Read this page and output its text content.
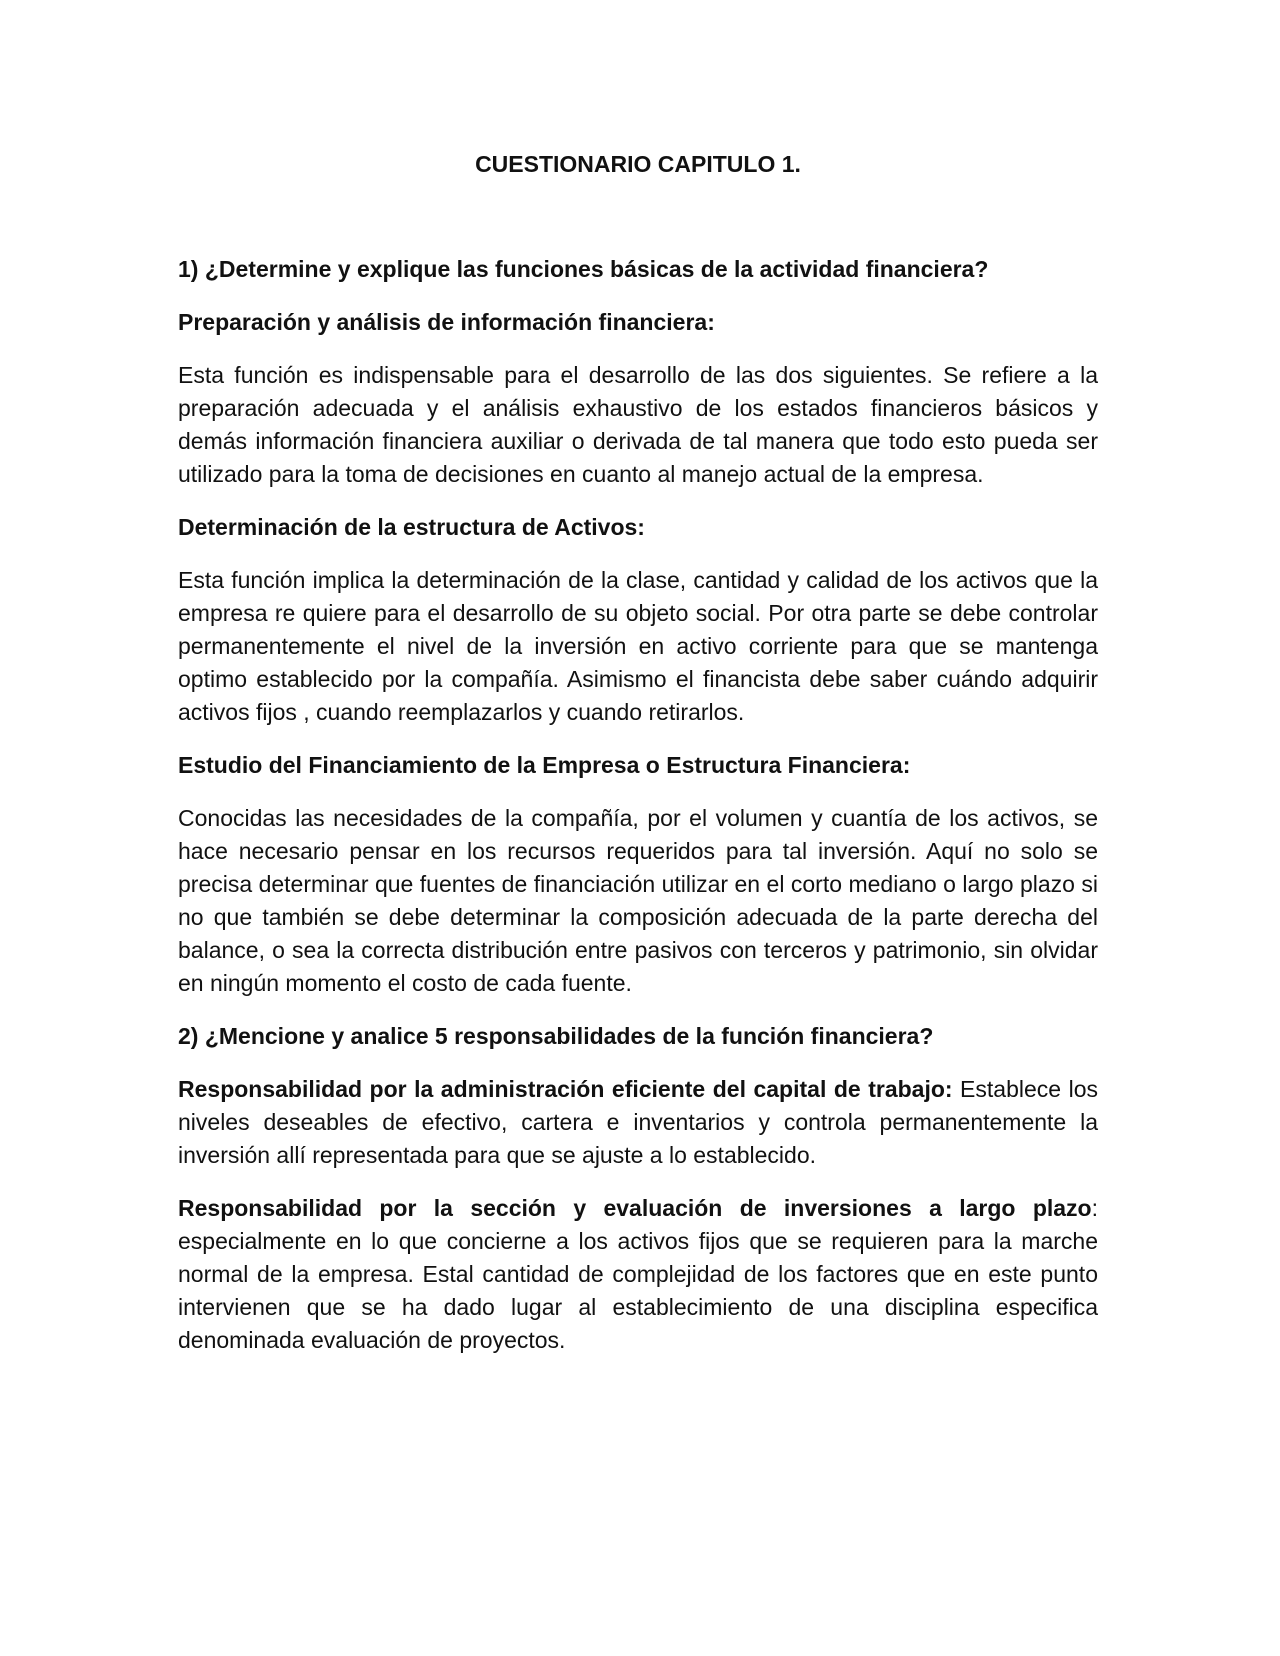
CUESTIONARIO CAPITULO 1.
1) ¿Determine y explique las funciones básicas de la actividad financiera?
Preparación y análisis de información financiera:
Esta función es indispensable para el desarrollo de las dos siguientes. Se refiere a la preparación adecuada y el análisis exhaustivo de los estados financieros básicos y demás información financiera auxiliar o derivada de tal manera que todo esto pueda ser utilizado para la toma de decisiones en cuanto al manejo actual de la empresa.
Determinación de la estructura de Activos:
Esta función implica la determinación de la clase, cantidad y calidad de los activos que la empresa re quiere para el desarrollo de su objeto social. Por otra parte se debe controlar permanentemente el nivel de la inversión en activo corriente para que se mantenga optimo establecido por la compañía. Asimismo el financista debe saber cuándo adquirir activos fijos , cuando reemplazarlos y cuando retirarlos.
Estudio del Financiamiento de la Empresa o Estructura Financiera:
Conocidas las necesidades de la compañía, por el volumen y cuantía de los activos, se hace necesario pensar en los recursos requeridos para tal inversión. Aquí no solo se precisa determinar que fuentes de financiación utilizar en el corto mediano o largo plazo si no que también se debe determinar la composición adecuada de la parte derecha del balance, o sea la correcta distribución entre pasivos con terceros y patrimonio, sin olvidar en ningún momento el costo de cada fuente.
2) ¿Mencione y analice 5 responsabilidades de la función financiera?
Responsabilidad por la administración eficiente del capital de trabajo: Establece los niveles deseables de efectivo, cartera e inventarios y controla permanentemente la inversión allí representada para que se ajuste a lo establecido.
Responsabilidad por la sección y evaluación de inversiones a largo plazo: especialmente en lo que concierne a los activos fijos que se requieren para la marche normal de la empresa. Estal cantidad de complejidad de los factores que en este punto intervienen que se ha dado lugar al establecimiento de una disciplina especifica denominada evaluación de proyectos.
